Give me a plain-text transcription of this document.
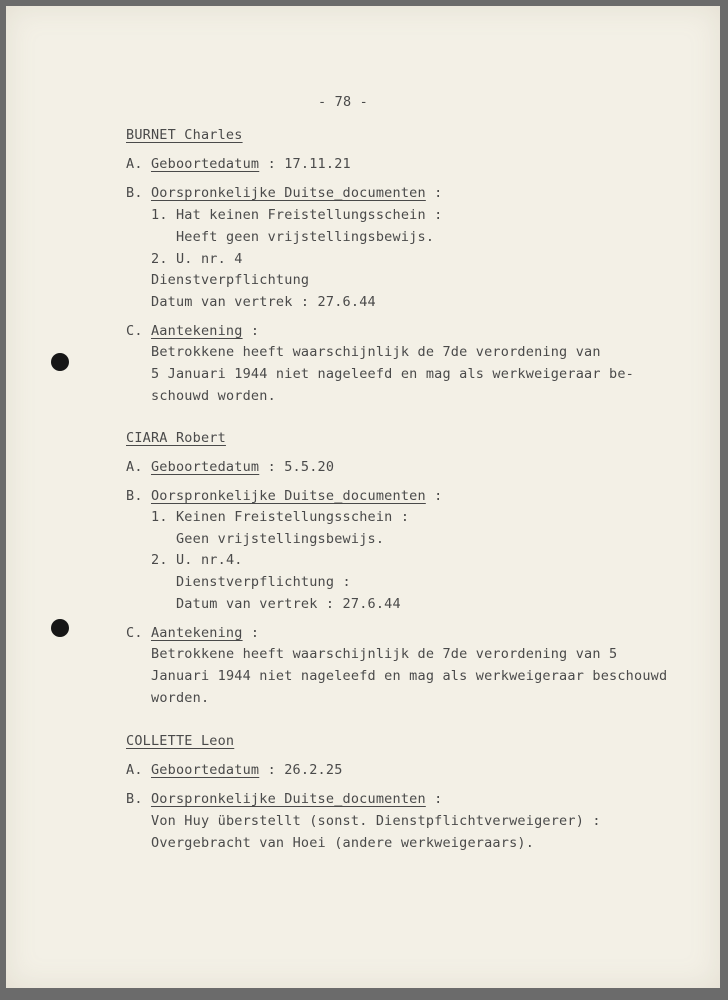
- 78 -

BURNET Charles

A. Geboortedatum : 17.11.21

B. Oorspronkelijke Duitse_documenten :

1. Hat keinen Freistellungsschein :

Heeft geen vrijstellingsbewijs.

2. U. nr. 4

Dienstverpflichtung

Datum van vertrek : 27.6.44

C. Aantekening :

Betrokkene heeft waarschijnlijk de 7de verordening van

5 Januari 1944 niet nageleefd en mag als werkweigeraar be-

schouwd worden.

CIARA Robert

A. Geboortedatum : 5.5.20

B. Oorspronkelijke Duitse_documenten :

1. Keinen Freistellungsschein :

Geen vrijstellingsbewijs.

2. U. nr.4.

Dienstverpflichtung :

Datum van vertrek : 27.6.44

C. Aantekening :

Betrokkene heeft waarschijnlijk de 7de verordening van 5

Januari 1944 niet nageleefd en mag als werkweigeraar beschouwd

worden.

COLLETTE Leon

A. Geboortedatum : 26.2.25

B. Oorspronkelijke Duitse_documenten :

Von Huy überstellt (sonst. Dienstpflichtverweigerer) :

Overgebracht van Hoei (andere werkweigeraars).
